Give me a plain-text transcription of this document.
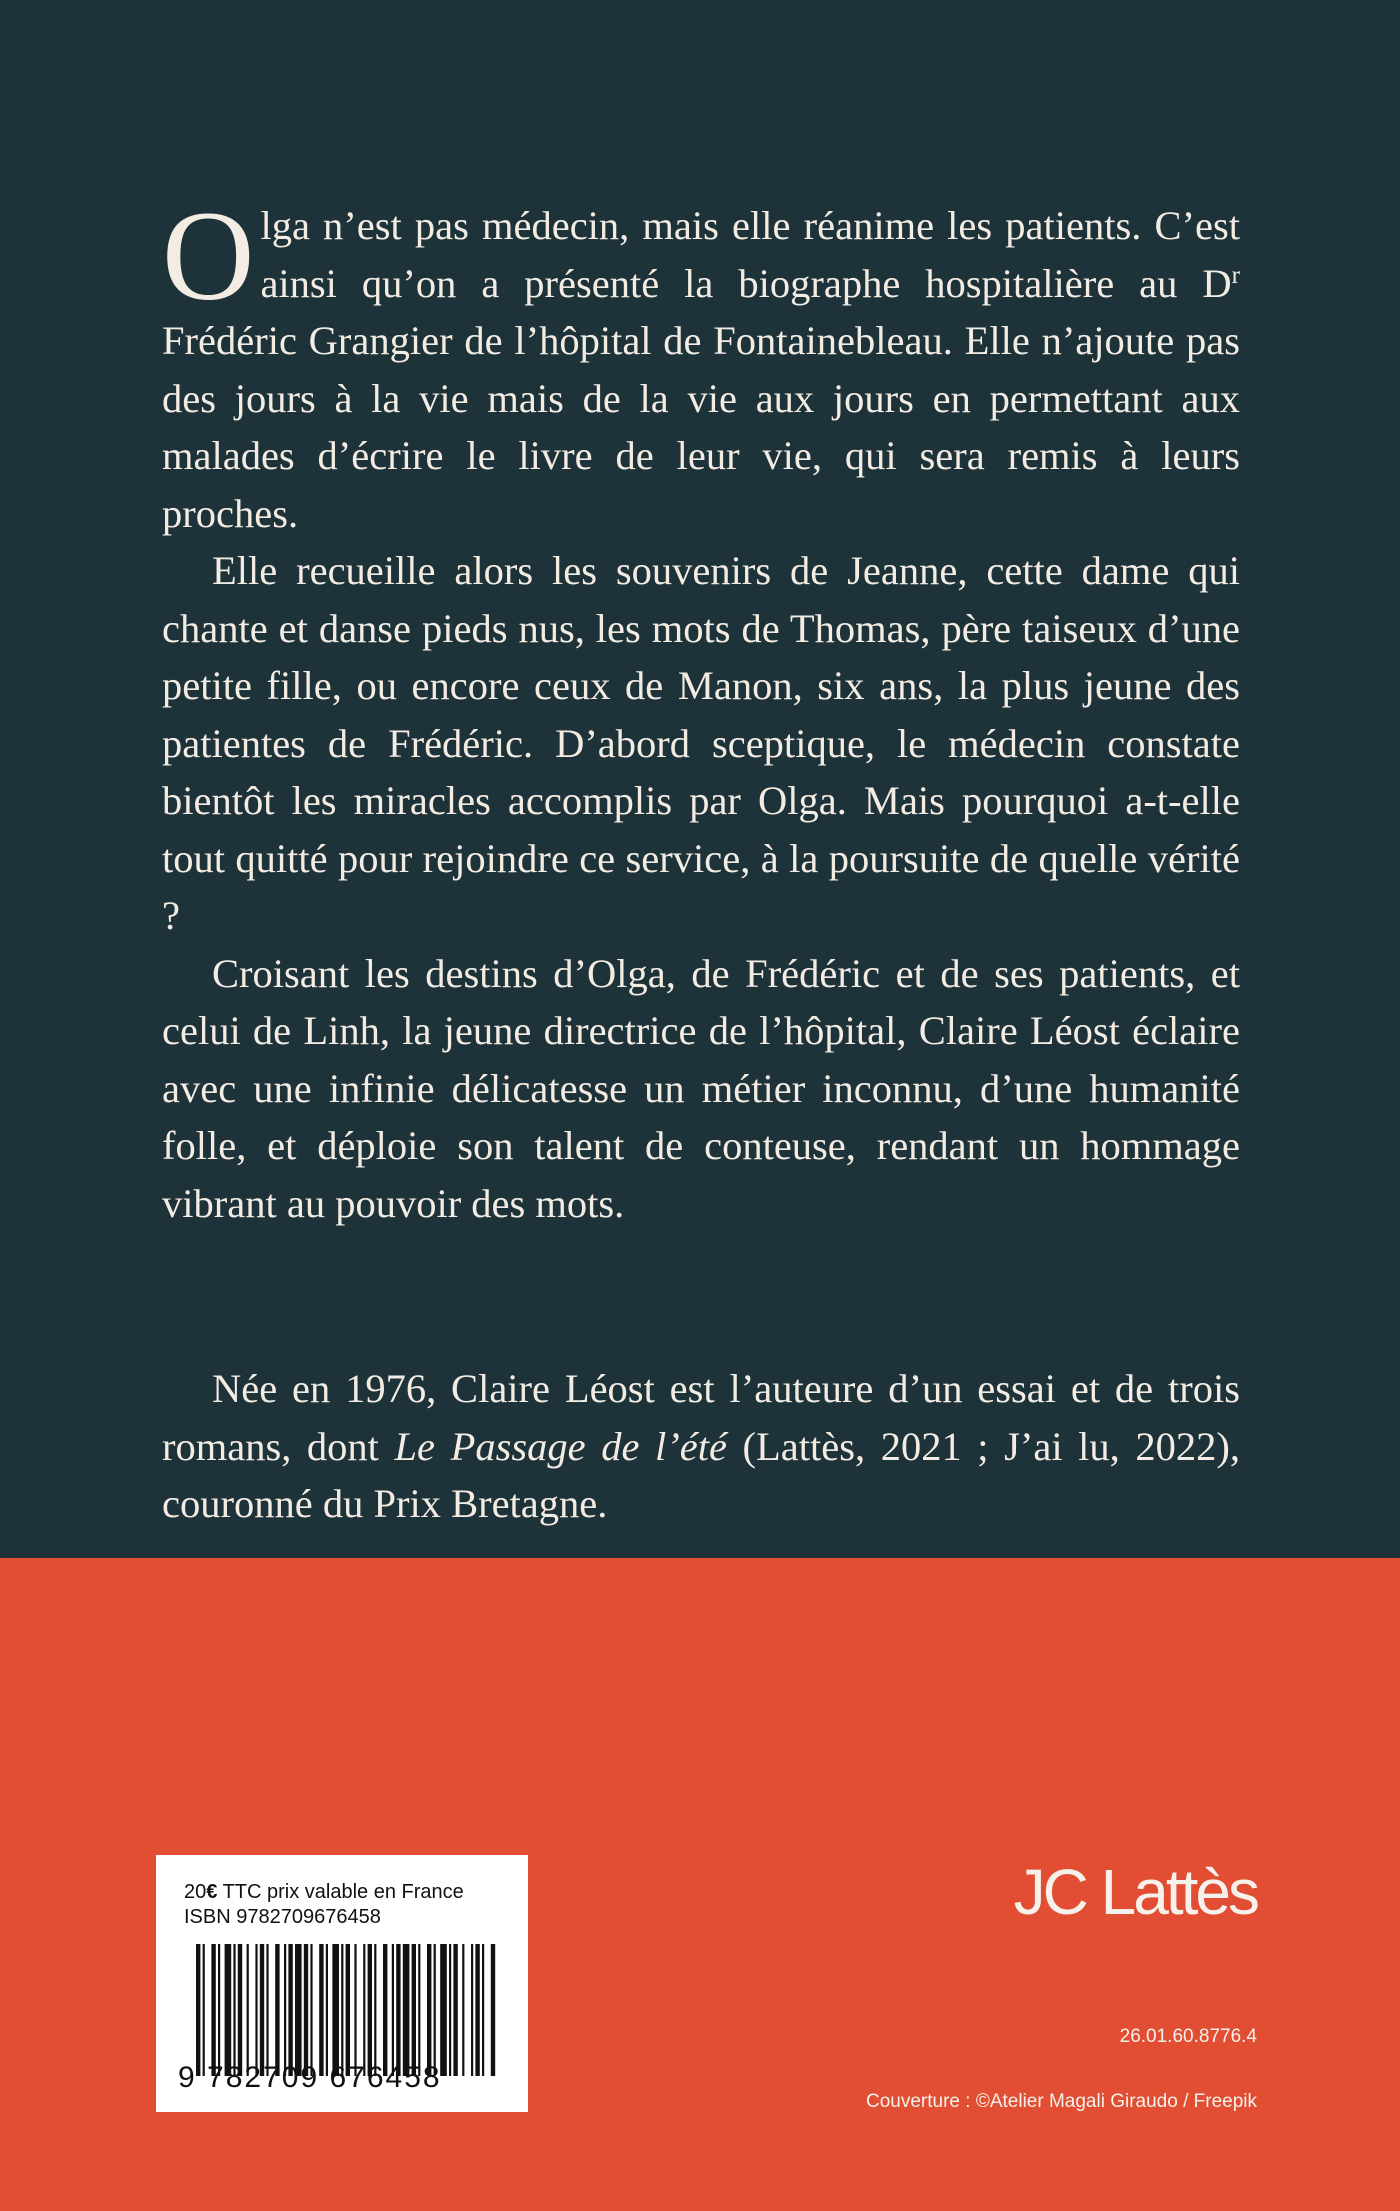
Olga n’est pas médecin, mais elle réanime les patients. C’est ainsi qu’on a présenté la biographe hospitalière au $D^r$ Frédéric Grangier de l’hôpital de Fontainebleau. Elle n’ajoute pas des jours à la vie mais de la vie aux jours en permettant aux malades d’écrire le livre de leur vie, qui sera remis à leurs proches.

Elle recueille alors les souvenirs de Jeanne, cette dame qui chante et danse pieds nus, les mots de Thomas, père taiseux d’une petite fille, ou encore ceux de Manon, six ans, la plus jeune des patientes de Frédéric. D’abord sceptique, le médecin constate bientôt les miracles accomplis par Olga. Mais pourquoi a-t-elle tout quitté pour rejoindre ce service, à la poursuite de quelle vérité ?

Croisant les destins d’Olga, de Frédéric et de ses patients, et celui de Linh, la jeune directrice de l’hôpital, Claire Léost éclaire avec une infinie délicatesse un métier inconnu, d’une humanité folle, et déploie son talent de conteuse, rendant un hommage vibrant au pouvoir des mots.

Née en 1976, Claire Léost est l’auteure d’un essai et de trois romans, dont Le Passage de l’été (Lattès, 2021 ; J’ai lu, 2022), couronné du Prix Bretagne.

20€ TTC prix valable en France
ISBN 9782709676458
9 782709 676458
JC Lattès
26.01.60.8776.4
Couverture : ©Atelier Magali Giraudo / Freepik
